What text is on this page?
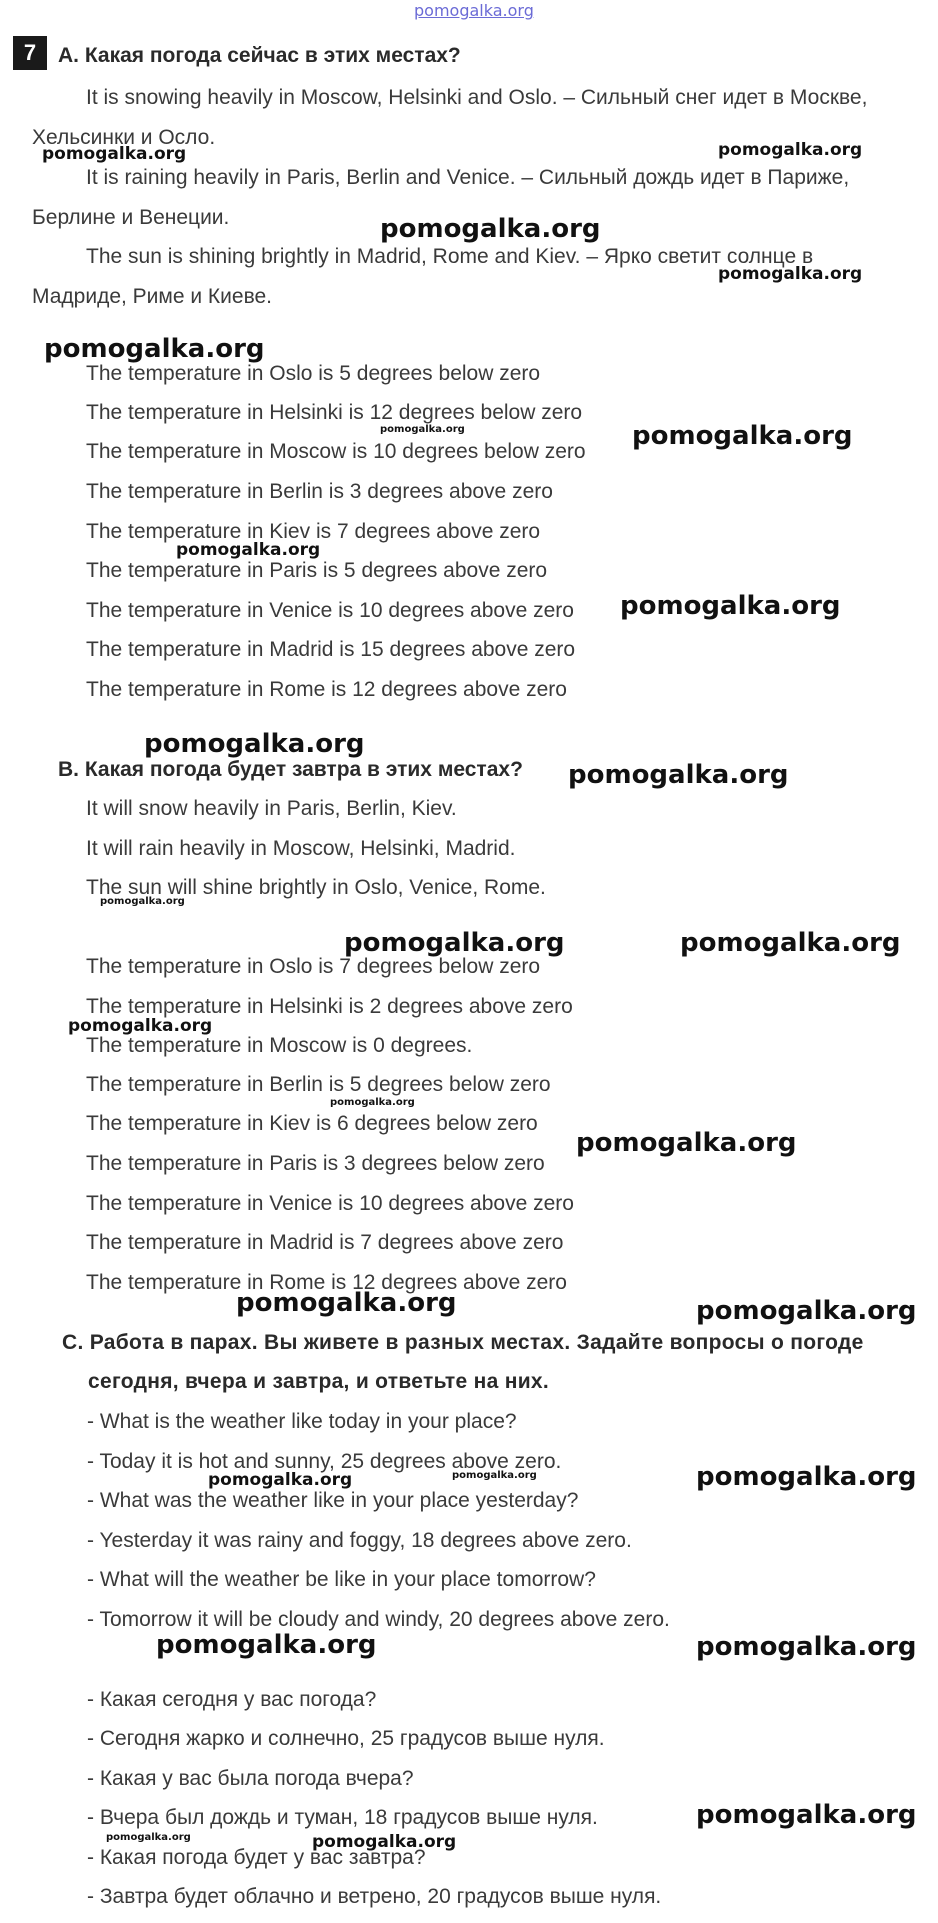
pomogalka.org
7	A. Какая погода сейчас в этих местах?
It is snowing heavily in Moscow, Helsinki and Oslo. – Сильный снег идет в Москве,
Хельсинки и Осло.
It is raining heavily in Paris, Berlin and Venice. – Сильный дождь идет в Париже,
Берлине и Венеции.
The sun is shining brightly in Madrid, Rome and Kiev. – Ярко светит солнце в
Мадриде, Риме и Киеве.
The temperature in Oslo is 5 degrees below zero
The temperature in Helsinki is 12 degrees below zero
The temperature in Moscow is 10 degrees below zero
The temperature in Berlin is 3 degrees above zero
The temperature in Kiev is 7 degrees above zero
The temperature in Paris is 5 degrees above zero
The temperature in Venice is 10 degrees above zero
The temperature in Madrid is 15 degrees above zero
The temperature in Rome is 12 degrees above zero
B. Какая погода будет завтра в этих местах?
It will snow heavily in Paris, Berlin, Kiev.
It will rain heavily in Moscow, Helsinki, Madrid.
The sun will shine brightly in Oslo, Venice, Rome.
The temperature in Oslo is 7 degrees below zero
The temperature in Helsinki is 2 degrees above zero
The temperature in Moscow is 0 degrees.
The temperature in Berlin is 5 degrees below zero
The temperature in Kiev is 6 degrees below zero
The temperature in Paris is 3 degrees below zero
The temperature in Venice is 10 degrees above zero
The temperature in Madrid is 7 degrees above zero
The temperature in Rome is 12 degrees above zero
C. Работа в парах. Вы живете в разных местах. Задайте вопросы о погоде
сегодня, вчера и завтра, и ответьте на них.
- What is the weather like today in your place?
- Today it is hot and sunny, 25 degrees above zero.
- What was the weather like in your place yesterday?
- Yesterday it was rainy and foggy, 18 degrees above zero.
- What will the weather be like in your place tomorrow?
- Tomorrow it will be cloudy and windy, 20 degrees above zero.
- Какая сегодня у вас погода?
- Сегодня жарко и солнечно, 25 градусов выше нуля.
- Какая у вас была погода вчера?
- Вчера был дождь и туман, 18 градусов выше нуля.
- Какая погода будет у вас завтра?
- Завтра будет облачно и ветрено, 20 градусов выше нуля.
pomogalka.org	pomogalka.org
pomogalka.org
pomogalka.org
pomogalka.org
pomogalka.org	pomogalka.org
pomogalka.org
pomogalka.org
pomogalka.org
pomogalka.org
pomogalka.org
pomogalka.org	pomogalka.org
pomogalka.org
pomogalka.org
pomogalka.org
pomogalka.org	pomogalka.org
pomogalka.org	pomogalka.org	pomogalka.org
pomogalka.org	pomogalka.org
pomogalka.org
pomogalka.org	pomogalka.org
